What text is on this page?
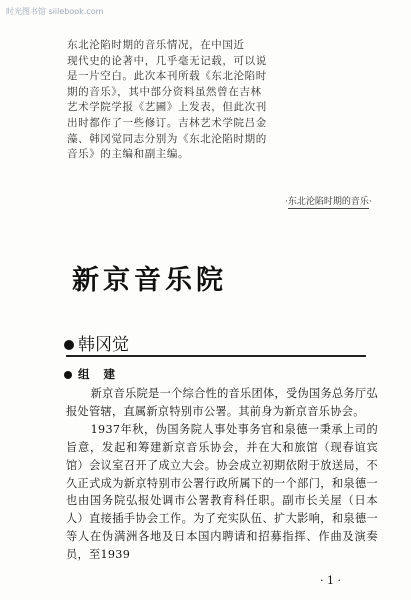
时光图书馆 siiiebook.com

东北沦陷时期的音乐情况，在中国近

现代史的论著中，几乎毫无记载，可以说

是一片空白。此次本刊所载《东北沦陷时

期的音乐》，其中部分资料虽然曾在吉林

艺术学院学报《艺圃》上发表，但此次刊

出时都作了一些修订。吉林艺术学院吕金

藻、韩冈觉同志分别为《东北沦陷时期的

音乐》的主编和副主编。

·东北沦陷时期的音乐·
新京音乐院
韩冈觉
组 建

新京音乐院是一个综合性的音乐团体，受伪国务总务厅弘报处管辖，直属新京特别市公署。其前身为新京音乐协会。

1937年秋，伪国务院人事处事务官和泉德一秉承上司的旨意，发起和筹建新京音乐协会，并在大和旅馆（现春谊宾馆）会议室召开了成立大会。协会成立初期依附于放送局，不久正式成为新京特别市公署行政所属下的一个部门，和泉德一也由国务院弘报处调市公署教育科任职。副市长关屋（日本人）直接插手协会工作。为了充实队伍、扩大影响，和泉德一等人在伪满洲各地及日本国内聘请和招募指挥、作曲及演奏员，至1939

· 1 ·
